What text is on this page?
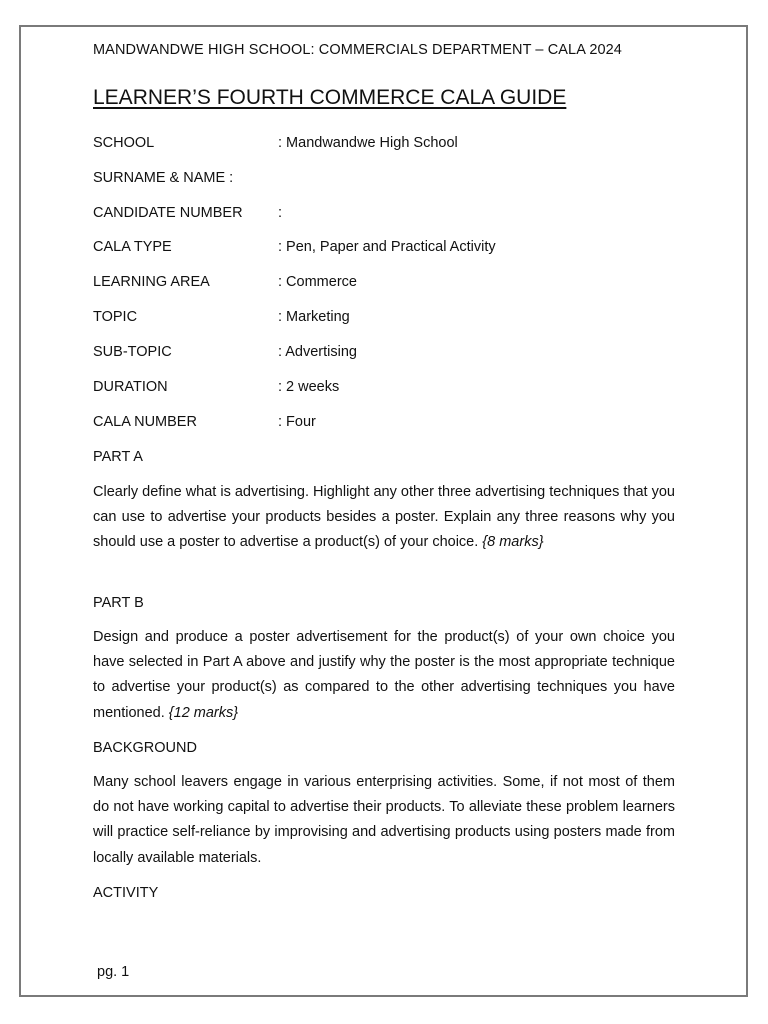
MANDWANDWE HIGH SCHOOL: COMMERCIALS DEPARTMENT – CALA 2024
LEARNER’S FOURTH COMMERCE CALA GUIDE
SCHOOL	: Mandwandwe High School
SURNAME & NAME :
CANDIDATE NUMBER :
CALA TYPE	: Pen, Paper and Practical Activity
LEARNING AREA	: Commerce
TOPIC	: Marketing
SUB-TOPIC	: Advertising
DURATION	: 2 weeks
CALA NUMBER	: Four
PART A

Clearly define what is advertising. Highlight any other three advertising techniques that you can use to advertise your products besides a poster. Explain any three reasons why you should use a poster to advertise a product(s) of your choice. {8 marks}

PART B

Design and produce a poster advertisement for the product(s) of your own choice you have selected in Part A above and justify why the poster is the most appropriate technique to advertise your product(s) as compared to the other advertising techniques you have mentioned. {12 marks}

BACKGROUND

Many school leavers engage in various enterprising activities. Some, if not most of them do not have working capital to advertise their products. To alleviate these problem learners will practice self-reliance by improvising and advertising products using posters made from locally available materials.

ACTIVITY
pg. 1
